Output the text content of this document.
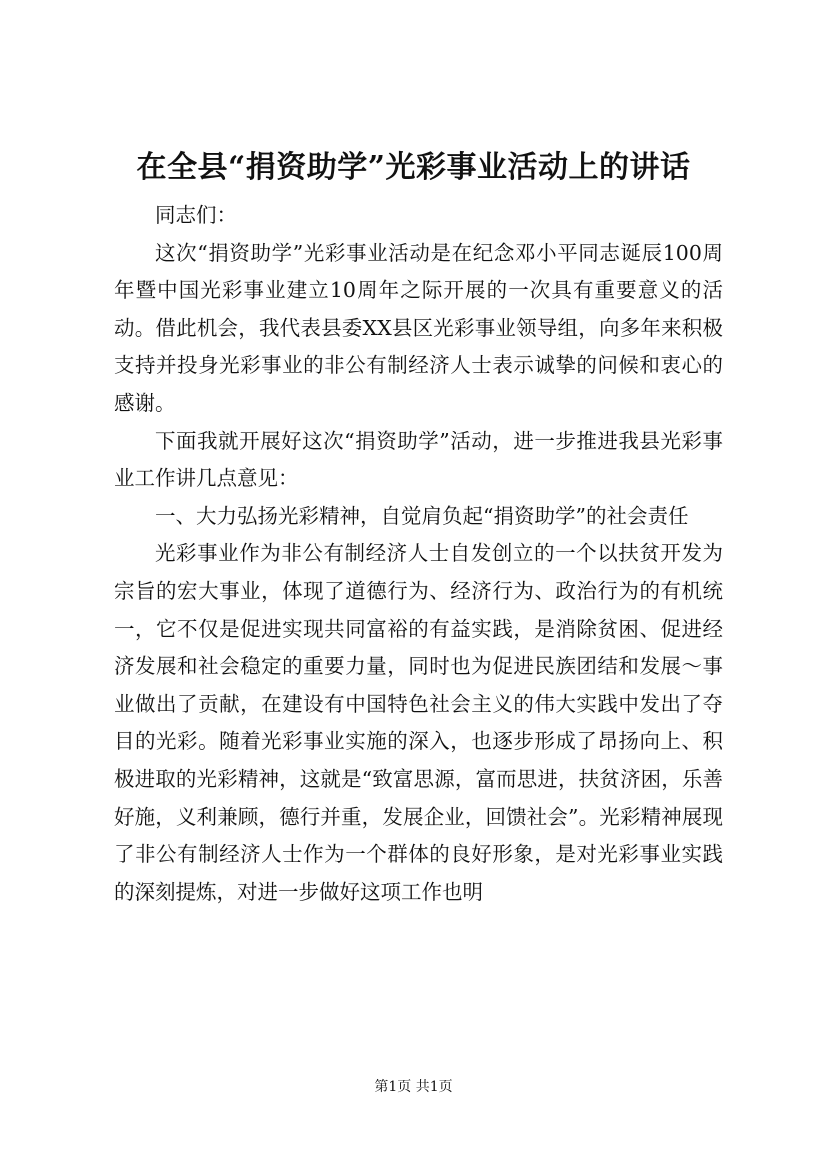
在全县“捐资助学”光彩事业活动上的讲话

同志们：

这次“捐资助学”光彩事业活动是在纪念邓小平同志诞辰100周年暨中国光彩事业建立10周年之际开展的一次具有重要意义的活动。借此机会，我代表县委XX县区光彩事业领导组，向多年来积极支持并投身光彩事业的非公有制经济人士表示诚挚的问候和衷心的感谢。

下面我就开展好这次“捐资助学”活动，进一步推进我县光彩事业工作讲几点意见：

一、大力弘扬光彩精神，自觉肩负起“捐资助学”的社会责任

光彩事业作为非公有制经济人士自发创立的一个以扶贫开发为宗旨的宏大事业，体现了道德行为、经济行为、政治行为的有机统一，它不仅是促进实现共同富裕的有益实践，是消除贫困、促进经济发展和社会稳定的重要力量，同时也为促进民族团结和发展～事业做出了贡献，在建设有中国特色社会主义的伟大实践中发出了夺目的光彩。随着光彩事业实施的深入，也逐步形成了昂扬向上、积极进取的光彩精神，这就是“致富思源，富而思进，扶贫济困，乐善好施，义利兼顾，德行并重，发展企业，回馈社会”。光彩精神展现了非公有制经济人士作为一个群体的良好形象，是对光彩事业实践的深刻提炼，对进一步做好这项工作也明

第1页 共1页
